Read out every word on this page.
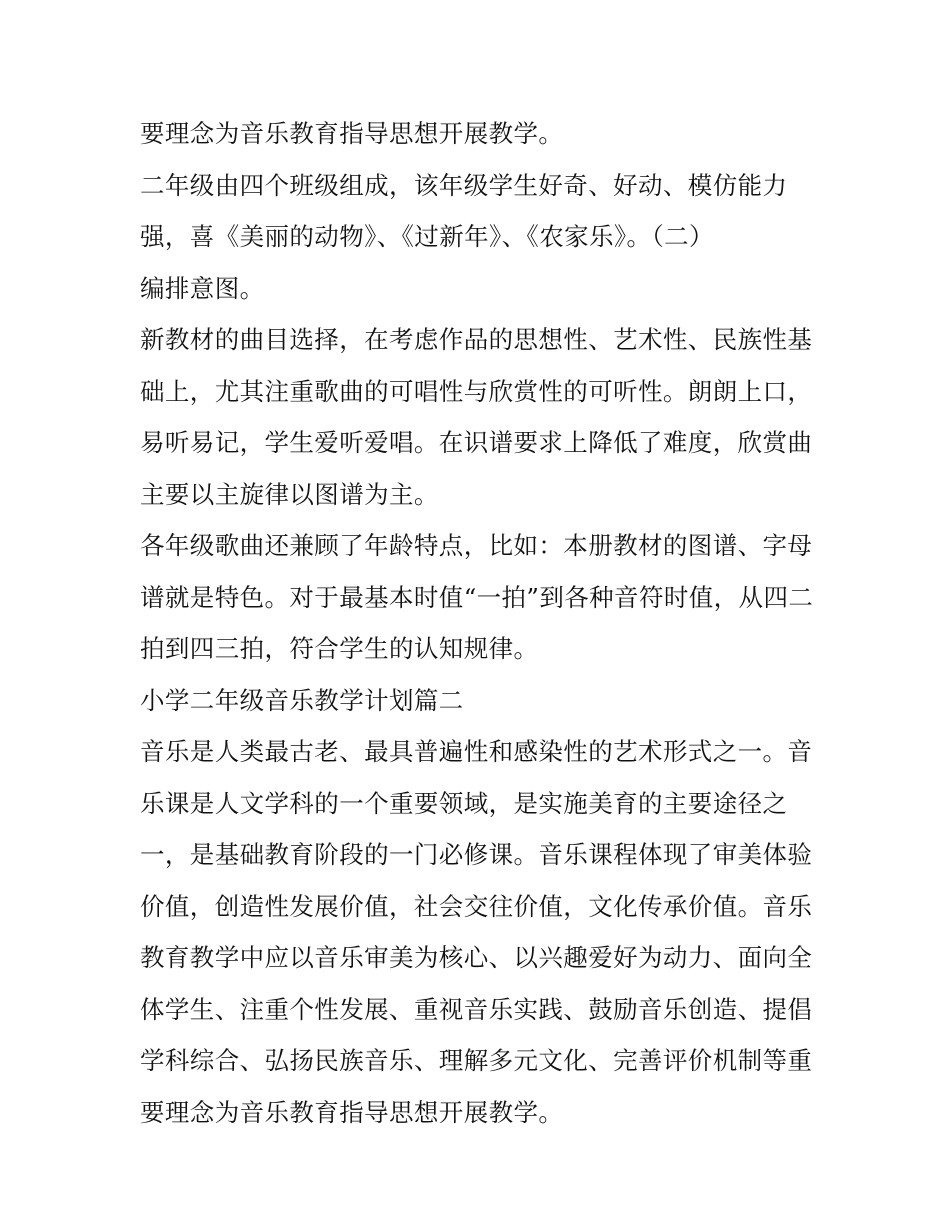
要理念为音乐教育指导思想开展教学。
二年级由四个班级组成，该年级学生好奇、好动、模仿能力
强，喜《美丽的动物》、《过新年》、《农家乐》。（二）
编排意图。
新教材的曲目选择，在考虑作品的思想性、艺术性、民族性基
础上，尤其注重歌曲的可唱性与欣赏性的可听性。朗朗上口，
易听易记，学生爱听爱唱。在识谱要求上降低了难度，欣赏曲
主要以主旋律以图谱为主。
各年级歌曲还兼顾了年龄特点，比如：本册教材的图谱、字母
谱就是特色。对于最基本时值“一拍”到各种音符时值，从四二
拍到四三拍，符合学生的认知规律。
小学二年级音乐教学计划篇二
音乐是人类最古老、最具普遍性和感染性的艺术形式之一。音
乐课是人文学科的一个重要领域，是实施美育的主要途径之
一，是基础教育阶段的一门必修课。音乐课程体现了审美体验
价值，创造性发展价值，社会交往价值，文化传承价值。音乐
教育教学中应以音乐审美为核心、以兴趣爱好为动力、面向全
体学生、注重个性发展、重视音乐实践、鼓励音乐创造、提倡
学科综合、弘扬民族音乐、理解多元文化、完善评价机制等重
要理念为音乐教育指导思想开展教学。
